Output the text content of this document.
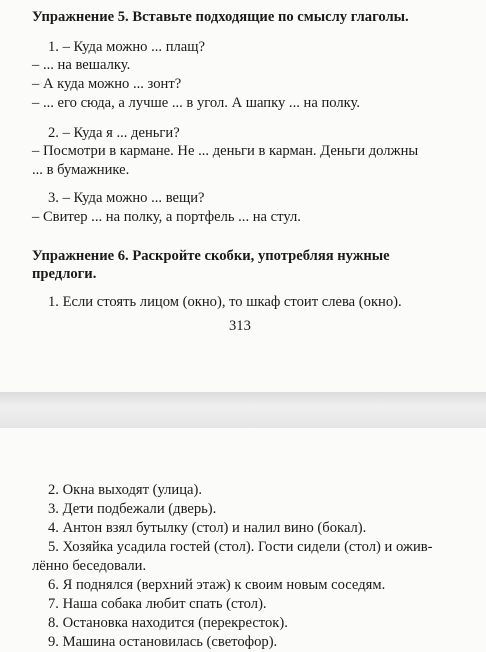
Упражнение 5. Вставьте подходящие по смыслу глаголы.
1. – Куда можно ... плащ?
– ... на вешалку.
– А куда можно ... зонт?
– ... его сюда, а лучше ... в угол. А шапку ... на полку.
2. – Куда я ... деньги?
– Посмотри в кармане. Не ... деньги в карман. Деньги должны
... в бумажнике.
3. – Куда можно ... вещи?
– Свитер ... на полку, а портфель ... на стул.
Упражнение 6. Раскройте скобки, употребляя нужные
предлоги.
1. Если стоять лицом (окно), то шкаф стоит слева (окно).
313
2. Окна выходят (улица).
3. Дети подбежали (дверь).
4. Антон взял бутылку (стол) и налил вино (бокал).
5. Хозяйка усадила гостей (стол). Гости сидели (стол) и ожив-
лённо беседовали.
6. Я поднялся (верхний этаж) к своим новым соседям.
7. Наша собака любит спать (стол).
8. Остановка находится (перекресток).
9. Машина остановилась (светофор).
